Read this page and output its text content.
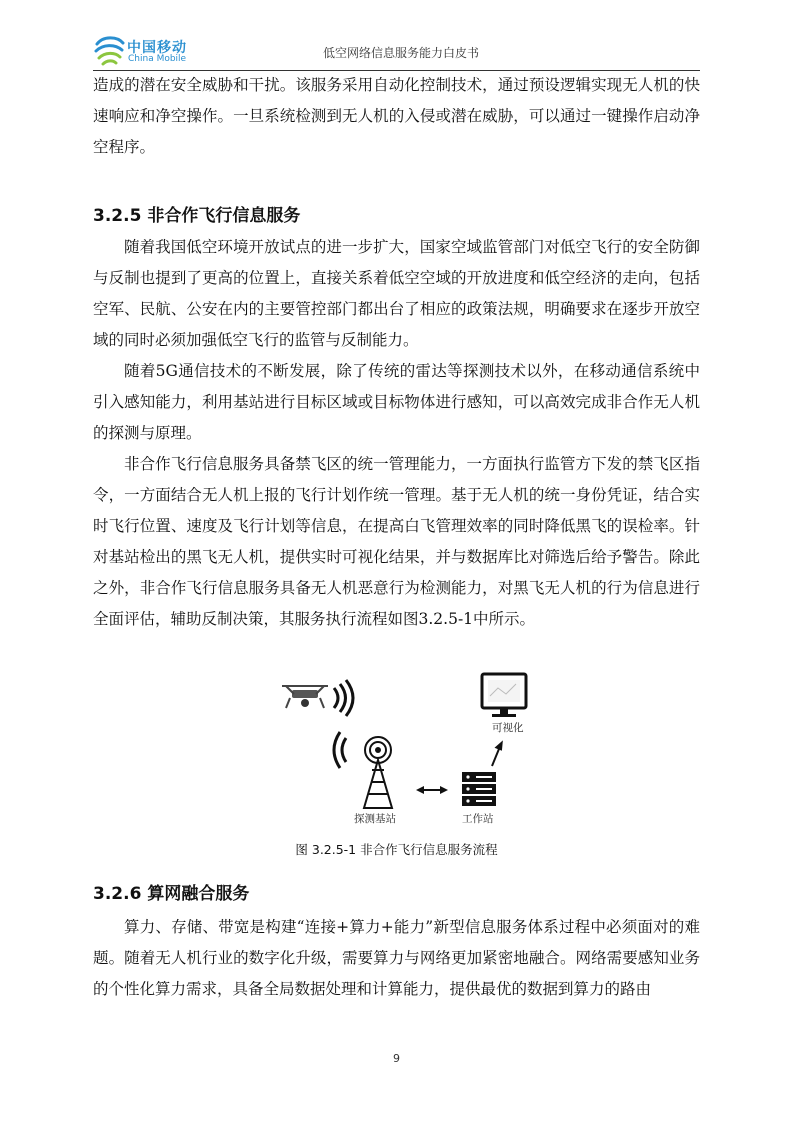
中国移动
China Mobile	低空网络信息服务能力白皮书

造成的潜在安全威胁和干扰。该服务采用自动化控制技术，通过预设逻辑实现无人机的快速响应和净空操作。一旦系统检测到无人机的入侵或潜在威胁，可以通过一键操作启动净空程序。

3.2.5 非合作飞行信息服务

随着我国低空环境开放试点的进一步扩大，国家空域监管部门对低空飞行的安全防御与反制也提到了更高的位置上，直接关系着低空空域的开放进度和低空经济的走向，包括空军、民航、公安在内的主要管控部门都出台了相应的政策法规，明确要求在逐步开放空域的同时必须加强低空飞行的监管与反制能力。

随着5G通信技术的不断发展，除了传统的雷达等探测技术以外，在移动通信系统中引入感知能力，利用基站进行目标区域或目标物体进行感知，可以高效完成非合作无人机的探测与原理。

非合作飞行信息服务具备禁飞区的统一管理能力，一方面执行监管方下发的禁飞区指令，一方面结合无人机上报的飞行计划作统一管理。基于无人机的统一身份凭证，结合实时飞行位置、速度及飞行计划等信息，在提高白飞管理效率的同时降低黑飞的误检率。针对基站检出的黑飞无人机，提供实时可视化结果，并与数据库比对筛选后给予警告。除此之外，非合作飞行信息服务具备无人机恶意行为检测能力，对黑飞无人机的行为信息进行全面评估，辅助反制决策，其服务执行流程如图3.2.5-1中所示。

可视化
探测基站	工作站
图 3.2.5-1 非合作飞行信息服务流程
3.2.6 算网融合服务

算力、存储、带宽是构建“连接+算力+能力”新型信息服务体系过程中必须面对的难题。随着无人机行业的数字化升级，需要算力与网络更加紧密地融合。网络需要感知业务的个性化算力需求，具备全局数据处理和计算能力，提供最优的数据到算力的路由

9
